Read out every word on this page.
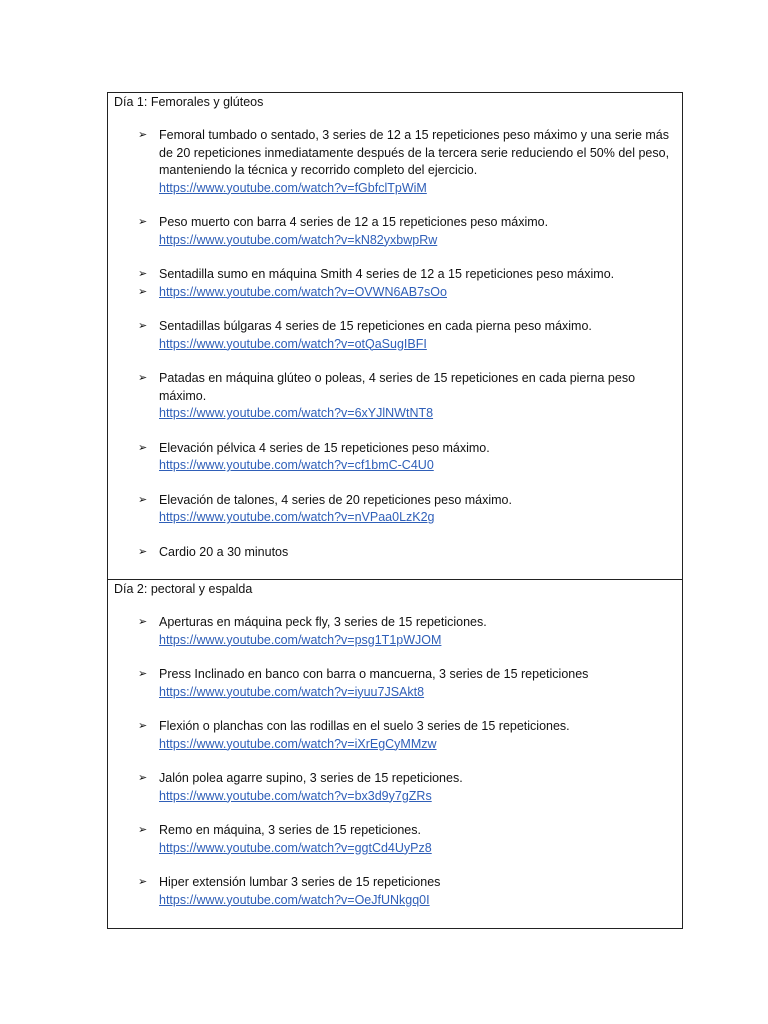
Día 1: Femorales y glúteos
➢ Femoral tumbado o sentado, 3 series de 12 a 15 repeticiones peso máximo y una serie más de 20 repeticiones inmediatamente después de la tercera serie reduciendo el 50% del peso, manteniendo la técnica y recorrido completo del ejercicio.
https://www.youtube.com/watch?v=fGbfclTpWiM
➢ Peso muerto con barra 4 series de 12 a 15 repeticiones peso máximo.
https://www.youtube.com/watch?v=kN82yxbwpRw
➢ Sentadilla sumo en máquina Smith 4 series de 12 a 15 repeticiones peso máximo.
➢ https://www.youtube.com/watch?v=OVWN6AB7sOo
➢ Sentadillas búlgaras 4 series de 15 repeticiones en cada pierna peso máximo.
https://www.youtube.com/watch?v=otQaSugIBFI
➢ Patadas en máquina glúteo o poleas, 4 series de 15 repeticiones en cada pierna peso máximo.
https://www.youtube.com/watch?v=6xYJlNWtNT8
➢ Elevación pélvica 4 series de 15 repeticiones peso máximo.
https://www.youtube.com/watch?v=cf1bmC-C4U0
➢ Elevación de talones, 4 series de 20 repeticiones peso máximo.
https://www.youtube.com/watch?v=nVPaa0LzK2g
➢ Cardio 20 a 30 minutos

Día 2: pectoral y espalda
➢ Aperturas en máquina peck fly, 3 series de 15 repeticiones.
https://www.youtube.com/watch?v=psg1T1pWJOM
➢ Press Inclinado en banco con barra o mancuerna, 3 series de 15 repeticiones
https://www.youtube.com/watch?v=iyuu7JSAkt8
➢ Flexión o planchas con las rodillas en el suelo 3 series de 15 repeticiones.
https://www.youtube.com/watch?v=iXrEgCyMMzw
➢ Jalón polea agarre supino, 3 series de 15 repeticiones.
https://www.youtube.com/watch?v=bx3d9y7gZRs
➢ Remo en máquina, 3 series de 15 repeticiones.
https://www.youtube.com/watch?v=ggtCd4UyPz8
➢ Hiper extensión lumbar 3 series de 15 repeticiones
https://www.youtube.com/watch?v=OeJfUNkgq0I
